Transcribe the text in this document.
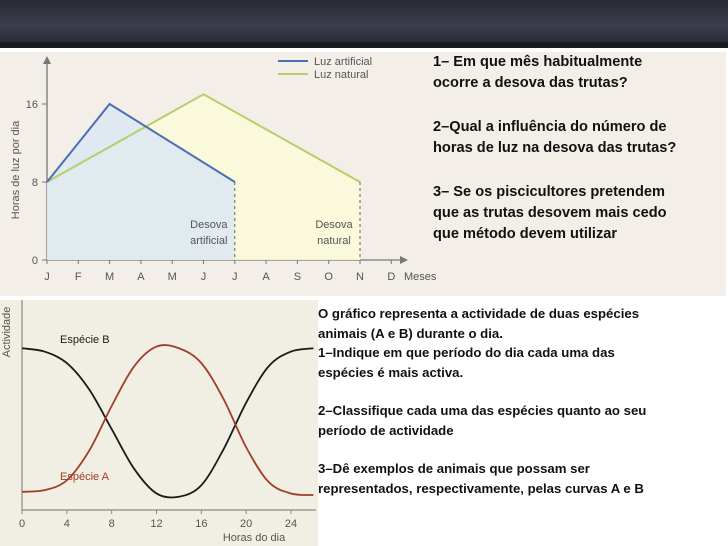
0
8
16
Horas de luz por dia
J F M A M J J A S O N D Meses
Desova
artificial
Desova
natural
Luz artificial
Luz natural
Actividade
0	4	8	12	16	20	24
Horas do dia
Espécie B
Espécie A

1– Em que mês habitualmente
ocorre a desova das trutas?

2–Qual a influência do número de
horas de luz na desova das trutas?

3– Se os piscicultores pretendem
que as trutas desovem mais cedo
que método devem utilizar

O gráfico representa a actividade de duas espécies
animais (A e B) durante o dia.
1–Indique em que período do dia cada uma das
espécies é mais activa.

2–Classifique cada uma das espécies quanto ao seu
período de actividade

3–Dê exemplos de animais que possam ser
representados, respectivamente, pelas curvas A e B
